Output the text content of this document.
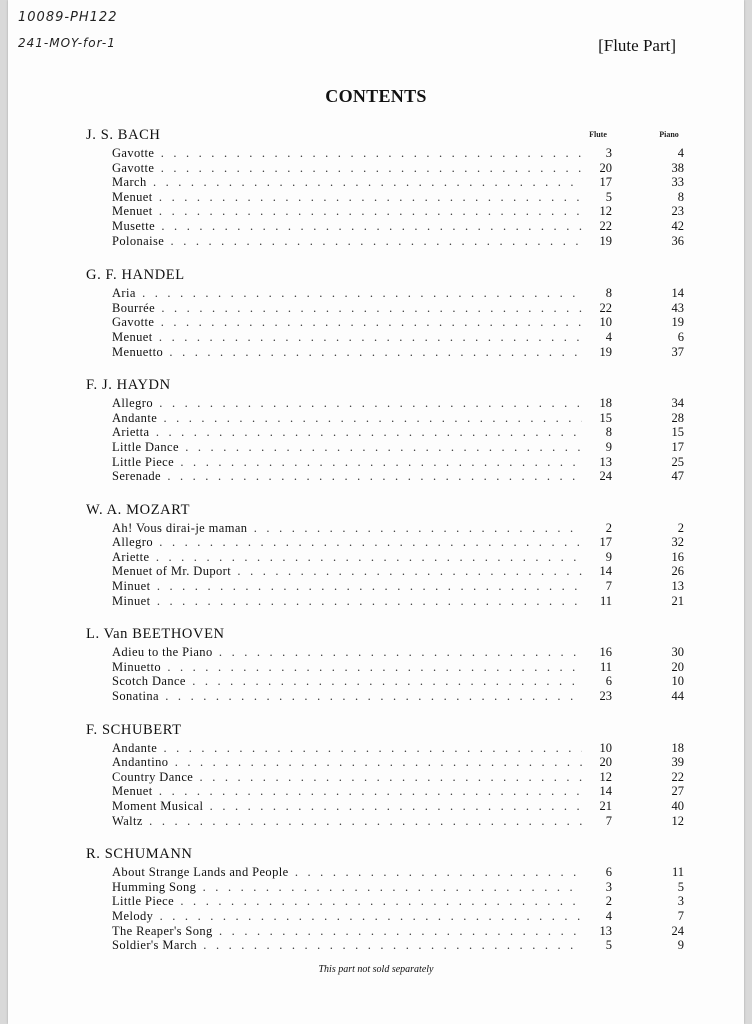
10089-PH122
241-MOY-for-1	[Flute Part]
CONTENTS
Flute	Piano
J. S. BACH
Gavotte . . .	3	4
Gavotte . . .	20	38
March . . .	17	33
Menuet . . .	5	8
Menuet . . .	12	23
Musette . . .	22	42
Polonaise . . .	19	36
G. F. HANDEL
Aria . . .	8	14
Bourrée . . .	22	43
Gavotte . . .	10	19
Menuet . . .	4	6
Menuetto . . .	19	37
F. J. HAYDN
Allegro . . .	18	34
Andante . . .	15	28
Arietta . . .	8	15
Little Dance . . .	9	17
Little Piece . . .	13	25
Serenade . . .	24	47
W. A. MOZART
Ah! Vous dirai-je maman . . .	2	2
Allegro . . .	17	32
Ariette . . .	9	16
Menuet of Mr. Duport . . .	14	26
Minuet . . .	7	13
Minuet . . .	11	21
L. Van BEETHOVEN
Adieu to the Piano . . .	16	30
Minuetto . . .	11	20
Scotch Dance . . .	6	10
Sonatina . . .	23	44
F. SCHUBERT
Andante . . .	10	18
Andantino . . .	20	39
Country Dance . . .	12	22
Menuet . . .	14	27
Moment Musical . . .	21	40
Waltz . . .	7	12
R. SCHUMANN
About Strange Lands and People . . .	6	11
Humming Song . . .	3	5
Little Piece . . .	2	3
Melody . . .	4	7
The Reaper's Song . . .	13	24
Soldier's March . . .	5	9
This part not sold separately
